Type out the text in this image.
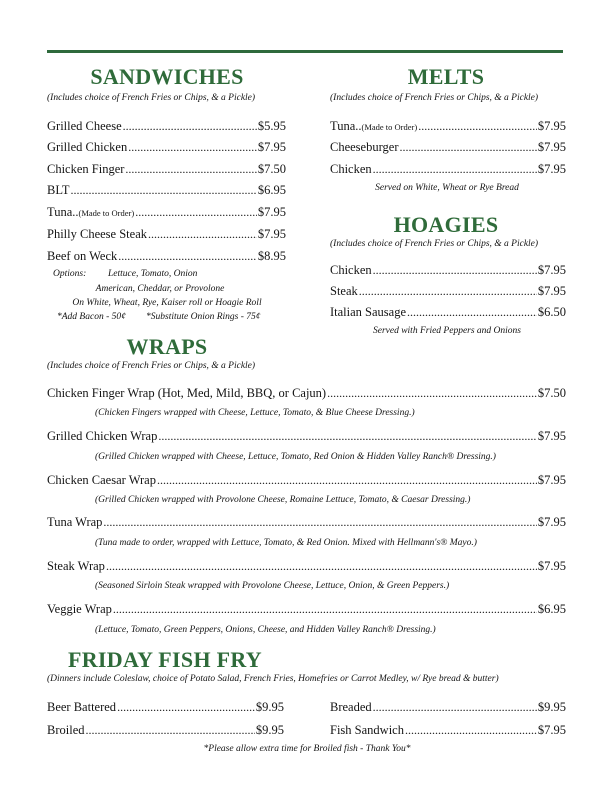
SANDWICHES
(Includes choice of French Fries or Chips, & a Pickle)
Grilled Cheese .....	$5.95
Grilled Chicken .....	$7.95
Chicken Finger .....	$7.50
BLT .....	$6.95
Tuna..(Made to Order) .....	$7.95
Philly Cheese Steak .....	$7.95
Beef on Weck .....	$8.95
Options: Lettuce, Tomato, Onion
American, Cheddar, or Provolone
On White, Wheat, Rye, Kaiser roll or Hoagie Roll
*Add Bacon - 50¢ *Substitute Onion Rings - 75¢
MELTS
(Includes choice of French Fries or Chips, & a Pickle)
Tuna..(Made to Order) .....	$7.95
Cheeseburger .....	$7.95
Chicken .....	$7.95
Served on White, Wheat or Rye Bread
HOAGIES
(Includes choice of French Fries or Chips, & a Pickle)
Chicken .....	$7.95
Steak .....	$7.95
Italian Sausage .....	$6.50
Served with Fried Peppers and Onions
WRAPS
(Includes choice of French Fries or Chips, & a Pickle)
Chicken Finger Wrap (Hot, Med, Mild, BBQ, or Cajun) .....	$7.50
(Chicken Fingers wrapped with Cheese, Lettuce, Tomato, & Blue Cheese Dressing.)
Grilled Chicken Wrap .....	$7.95
(Grilled Chicken wrapped with Cheese, Lettuce, Tomato, Red Onion & Hidden Valley Ranch® Dressing.)
Chicken Caesar Wrap .....	$7.95
(Grilled Chicken wrapped with Provolone Cheese, Romaine Lettuce, Tomato, & Caesar Dressing.)
Tuna Wrap .....	$7.95
(Tuna made to order, wrapped with Lettuce, Tomato, & Red Onion. Mixed with Hellmann's® Mayo.)
Steak Wrap .....	$7.95
(Seasoned Sirloin Steak wrapped with Provolone Cheese, Lettuce, Onion, & Green Peppers.)
Veggie Wrap .....	$6.95
(Lettuce, Tomato, Green Peppers, Onions, Cheese, and Hidden Valley Ranch® Dressing.)
FRIDAY FISH FRY
(Dinners include Coleslaw, choice of Potato Salad, French Fries, Homefries or Carrot Medley, w/ Rye bread & butter)
Beer Battered .....	$9.95
Broiled .....	$9.95
Breaded .....	$9.95
Fish Sandwich .....	$7.95
*Please allow extra time for Broiled fish - Thank You*
